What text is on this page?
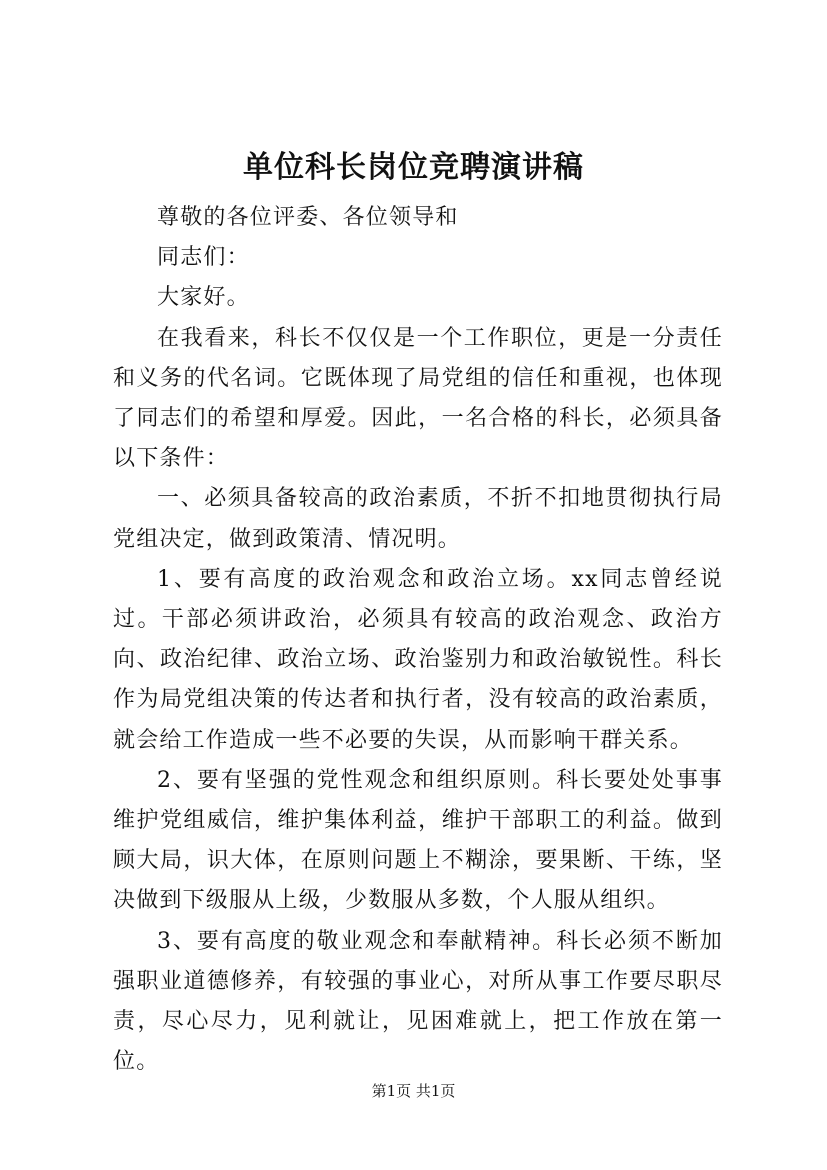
单位科长岗位竞聘演讲稿

尊敬的各位评委、各位领导和

同志们：

大家好。

在我看来，科长不仅仅是一个工作职位，更是一分责任和义务的代名词。它既体现了局党组的信任和重视，也体现了同志们的希望和厚爱。因此，一名合格的科长，必须具备以下条件：

一、必须具备较高的政治素质，不折不扣地贯彻执行局党组决定，做到政策清、情况明。

1、要有高度的政治观念和政治立场。xx同志曾经说过。干部必须讲政治，必须具有较高的政治观念、政治方向、政治纪律、政治立场、政治鉴别力和政治敏锐性。科长作为局党组决策的传达者和执行者，没有较高的政治素质，就会给工作造成一些不必要的失误，从而影响干群关系。

2、要有坚强的党性观念和组织原则。科长要处处事事维护党组威信，维护集体利益，维护干部职工的利益。做到顾大局，识大体，在原则问题上不糊涂，要果断、干练，坚决做到下级服从上级，少数服从多数，个人服从组织。

3、要有高度的敬业观念和奉献精神。科长必须不断加强职业道德修养，有较强的事业心，对所从事工作要尽职尽责，尽心尽力，见利就让，见困难就上，把工作放在第一位。

第1页 共1页
